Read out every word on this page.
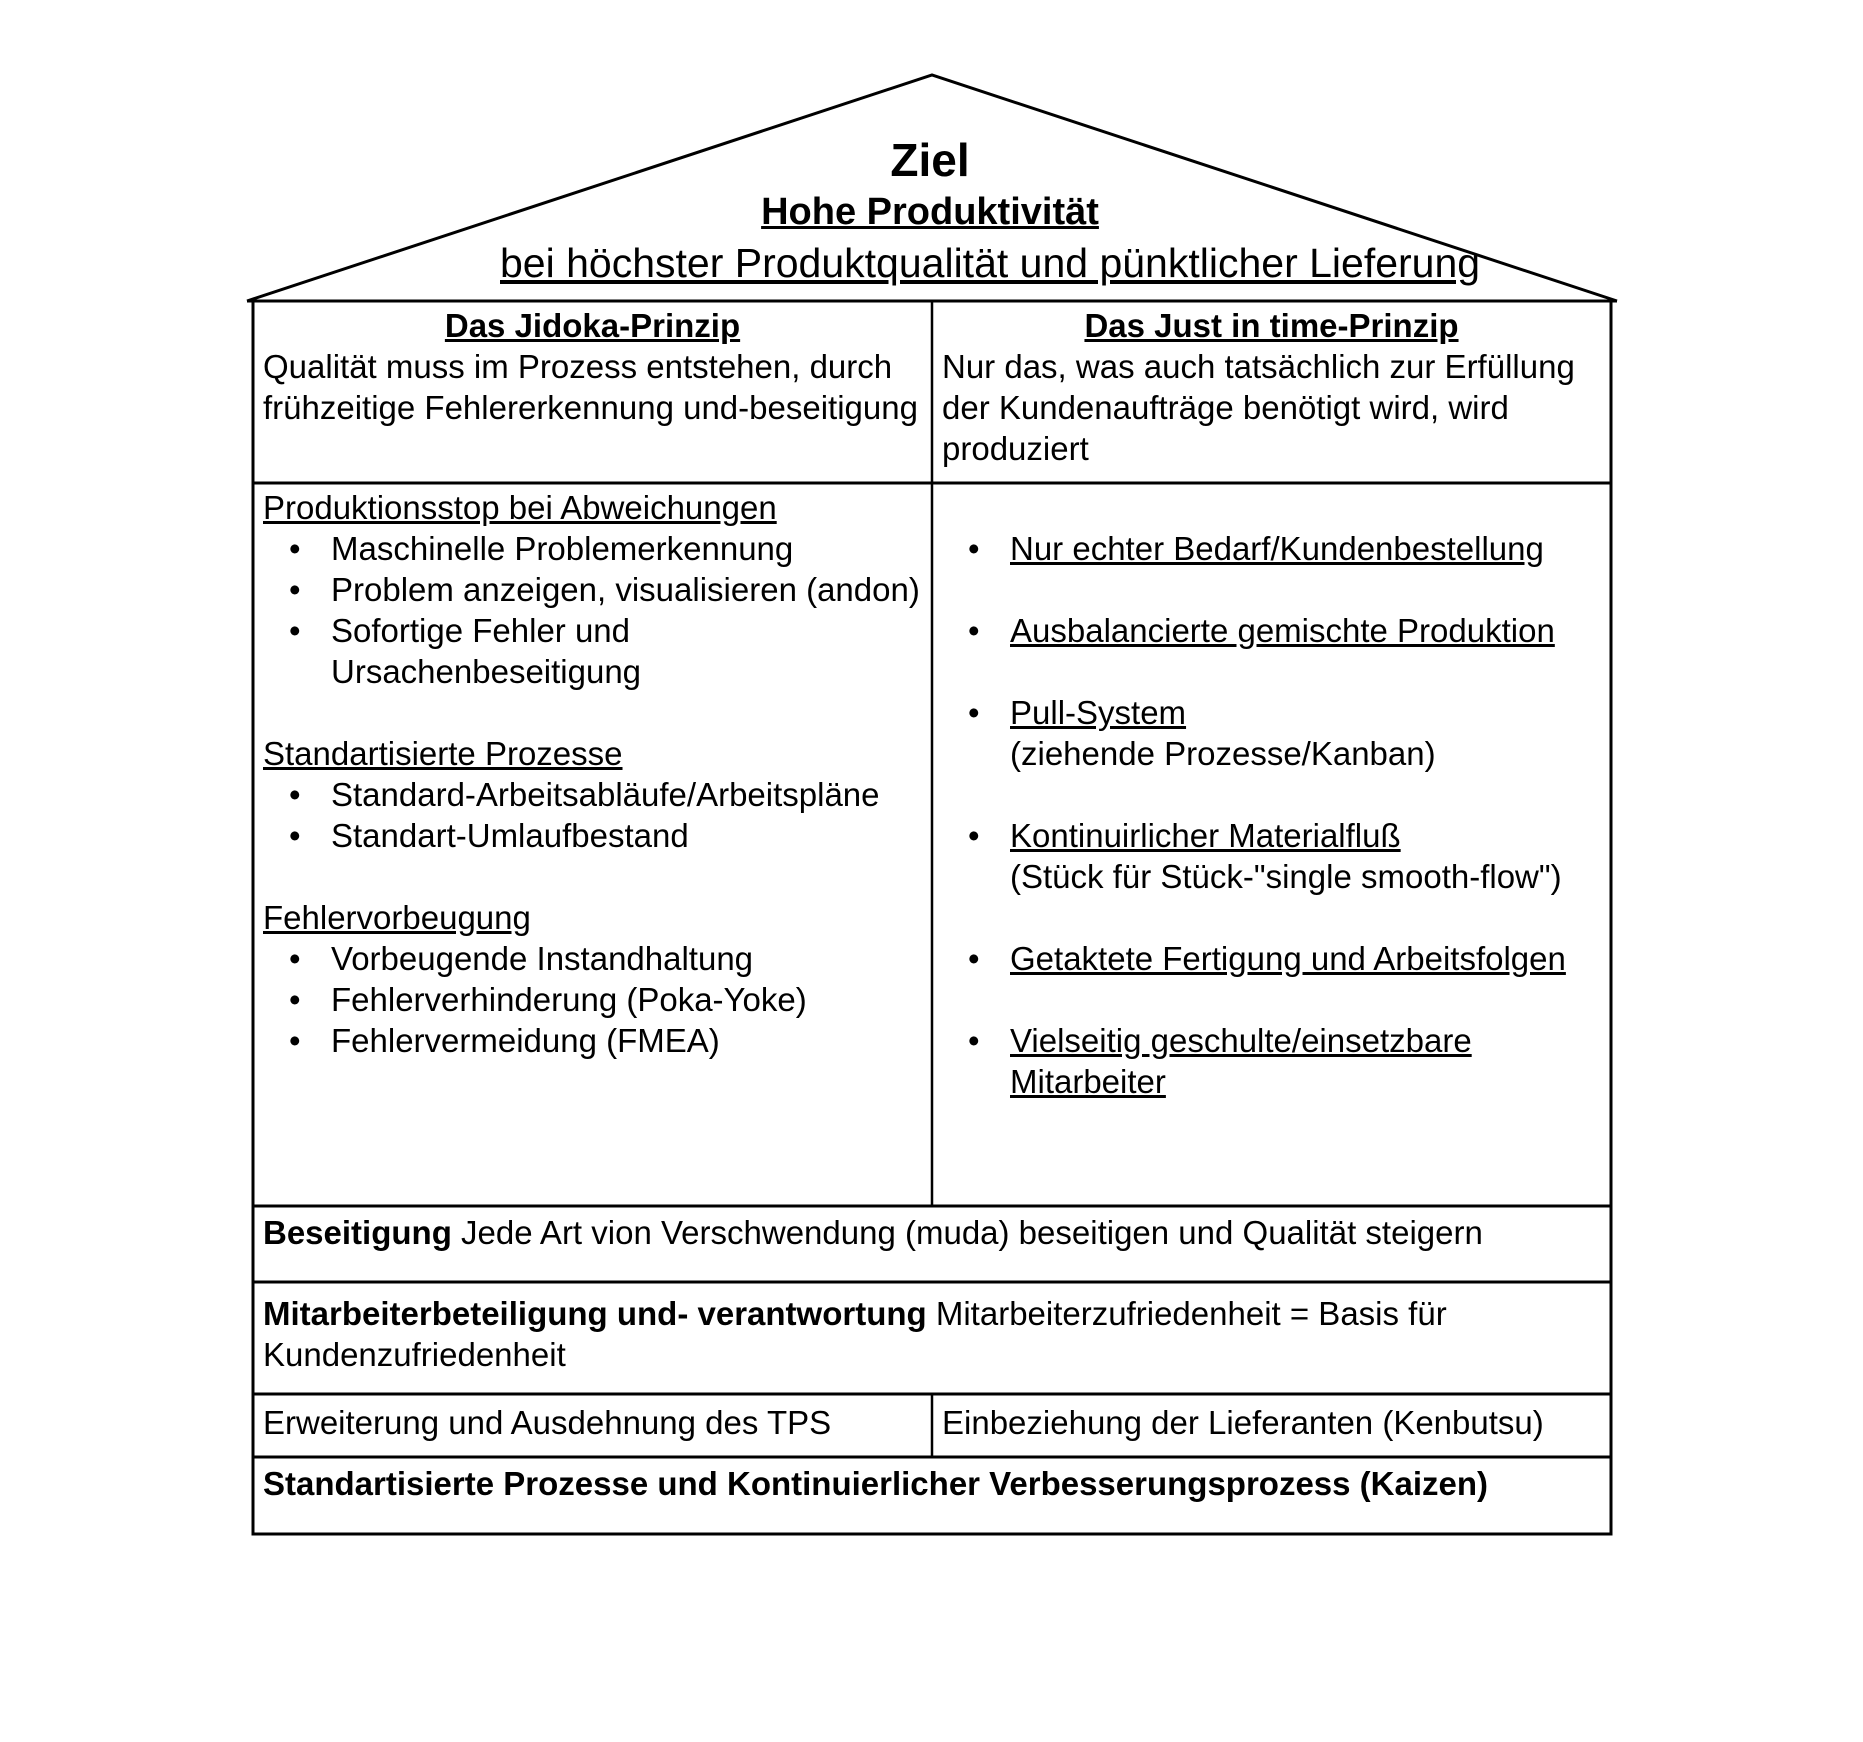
Ziel
Hohe Produktivität
bei höchster Produktqualität und pünktlicher Lieferung
Das Jidoka-Prinzip
Qualität muss im Prozess entstehen, durch frühzeitige Fehlererkennung und-beseitigung
Das Just in time-Prinzip
Nur das, was auch tatsächlich zur Erfüllung der Kundenaufträge benötigt wird, wird produziert
Produktionsstop bei Abweichungen
• Maschinelle Problemerkennung
• Problem anzeigen, visualisieren (andon)
• Sofortige Fehler und Ursachenbeseitigung
Standartisierte Prozesse
• Standard-Arbeitsabläufe/Arbeitspläne
• Standart-Umlaufbestand
Fehlervorbeugung
• Vorbeugende Instandhaltung
• Fehlerverhinderung (Poka-Yoke)
• Fehlervermeidung (FMEA)
• Nur echter Bedarf/Kundenbestellung
• Ausbalancierte gemischte Produktion
• Pull-System
(ziehende Prozesse/Kanban)
• Kontinuirlicher Materialfluß
(Stück für Stück-"single smooth-flow")
• Getaktete Fertigung und Arbeitsfolgen
• Vielseitig geschulte/einsetzbare Mitarbeiter
Beseitigung Jede Art vion Verschwendung (muda) beseitigen und Qualität steigern
Mitarbeiterbeteiligung und- verantwortung Mitarbeiterzufriedenheit = Basis für Kundenzufriedenheit
Erweiterung und Ausdehnung des TPS	Einbeziehung der Lieferanten (Kenbutsu)
Standartisierte Prozesse und Kontinuierlicher Verbesserungsprozess (Kaizen)
